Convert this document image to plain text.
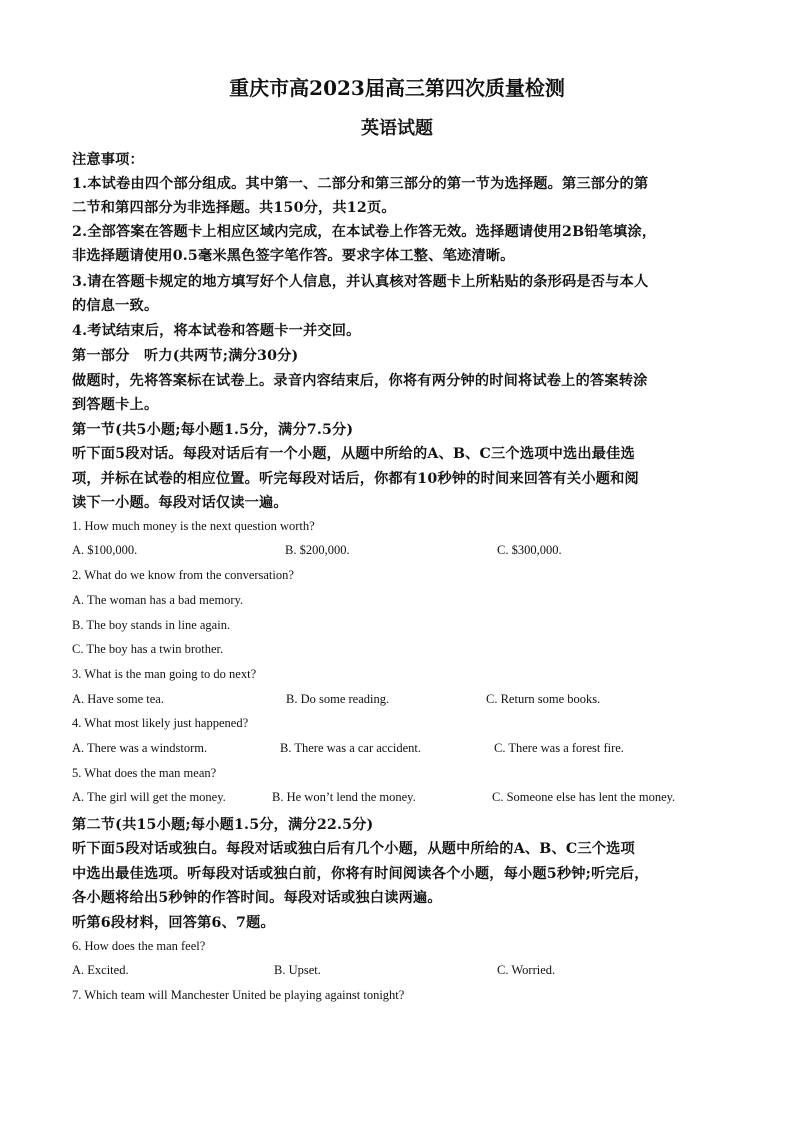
重庆市高2023届高三第四次质量检测
英语试题
注意事项：
1.本试卷由四个部分组成。其中第一、二部分和第三部分的第一节为选择题。第三部分的第
二节和第四部分为非选择题。共150分，共12页。
2.全部答案在答题卡上相应区域内完成，在本试卷上作答无效。选择题请使用2B铅笔填涂，
非选择题请使用0.5毫米黑色签字笔作答。要求字体工整、笔迹清晰。
3.请在答题卡规定的地方填写好个人信息，并认真核对答题卡上所粘贴的条形码是否与本人
的信息一致。
4.考试结束后，将本试卷和答题卡一并交回。
第一部分　听力(共两节;满分30分)
做题时，先将答案标在试卷上。录音内容结束后，你将有两分钟的时间将试卷上的答案转涂
到答题卡上。
第一节(共5小题;每小题1.5分，满分7.5分)
听下面5段对话。每段对话后有一个小题，从题中所给的A、B、C三个选项中选出最佳选
项，并标在试卷的相应位置。听完每段对话后，你都有10秒钟的时间来回答有关小题和阅
读下一小题。每段对话仅读一遍。
1. How much money is the next question worth?
A. $100,000.	B. $200,000.	C. $300,000.
2. What do we know from the conversation?
A. The woman has a bad memory.
B. The boy stands in line again.
C. The boy has a twin brother.
3. What is the man going to do next?
A. Have some tea.	B. Do some reading.	C. Return some books.
4. What most likely just happened?
A. There was a windstorm.	B. There was a car accident.	C. There was a forest fire.
5. What does the man mean?
A. The girl will get the money.	B. He won’t lend the money.	C. Someone else has lent the money.
第二节(共15小题;每小题1.5分，满分22.5分)
听下面5段对话或独白。每段对话或独白后有几个小题，从题中所给的A、B、C三个选项
中选出最佳选项。听每段对话或独白前，你将有时间阅读各个小题，每小题5秒钟;听完后，
各小题将给出5秒钟的作答时间。每段对话或独白读两遍。
听第6段材料，回答第6、7题。
6. How does the man feel?
A. Excited.	B. Upset.	C. Worried.
7. Which team will Manchester United be playing against tonight?
